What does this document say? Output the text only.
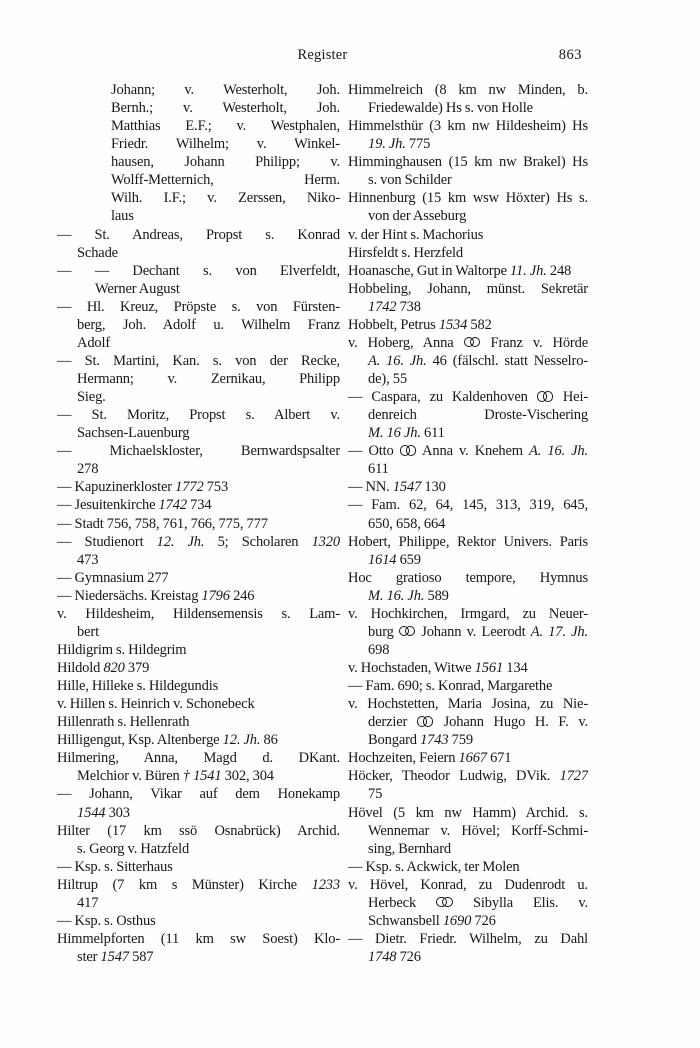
Register	863
Johann; v. Westerholt, Joh.
Bernh.; v. Westerholt, Joh.
Matthias E.F.; v. Westphalen,
Friedr. Wilhelm; v. Winkel-
hausen, Johann Philipp; v.
Wolff-Metternich, Herm.
Wilh. I.F.; v. Zerssen, Niko-
laus
— St. Andreas, Propst s. Konrad
Schade
— — Dechant s. von Elverfeldt,
Werner August
— Hl. Kreuz, Pröpste s. von Fürsten-
berg, Joh. Adolf u. Wilhelm Franz
Adolf
— St. Martini, Kan. s. von der Recke,
Hermann; v. Zernikau, Philipp
Sieg.
— St. Moritz, Propst s. Albert v.
Sachsen-Lauenburg
— Michaelskloster, Bernwardspsalter
278
— Kapuzinerkloster 1772 753
— Jesuitenkirche 1742 734
— Stadt 756, 758, 761, 766, 775, 777
— Studienort 12. Jh. 5; Scholaren 1320
473
— Gymnasium 277
— Niedersächs. Kreistag 1796 246
v. Hildesheim, Hildensemensis s. Lam-
bert
Hildigrim s. Hildegrim
Hildold 820 379
Hille, Hilleke s. Hildegundis
v. Hillen s. Heinrich v. Schonebeck
Hillenrath s. Hellenrath
Hilligengut, Ksp. Altenberge 12. Jh. 86
Hilmering, Anna, Magd d. DKant.
Melchior v. Büren † 1541 302, 304
— Johann, Vikar auf dem Honekamp
1544 303
Hilter (17 km ssö Osnabrück) Archid.
s. Georg v. Hatzfeld
— Ksp. s. Sitterhaus
Hiltrup (7 km s Münster) Kirche 1233
417
— Ksp. s. Osthus
Himmelpforten (11 km sw Soest) Klo-
ster 1547 587
Himmelreich (8 km nw Minden, b.
Friedewalde) Hs s. von Holle
Himmelsthür (3 km nw Hildesheim) Hs
19. Jh. 775
Himminghausen (15 km nw Brakel) Hs
s. von Schilder
Hinnenburg (15 km wsw Höxter) Hs s.
von der Asseburg
v. der Hint s. Machorius
Hirsfeldt s. Herzfeld
Hoanasche, Gut in Waltorpe 11. Jh. 248
Hobbeling, Johann, münst. Sekretär
1742 738
Hobbelt, Petrus 1534 582
v. Hoberg, Anna
Franz v. Hörde
A. 16. Jh. 46 (fälschl. statt Nesselro-
de), 55
— Caspara, zu Kaldenhoven
Hei-
denreich Droste-Vischering
M. 16 Jh. 611
— Otto
Anna v. Knehem A. 16. Jh.
611
— NN. 1547 130
— Fam. 62, 64, 145, 313, 319, 645,
650, 658, 664
Hobert, Philippe, Rektor Univers. Paris
1614 659
Hoc gratioso tempore, Hymnus
M. 16. Jh. 589
v. Hochkirchen, Irmgard, zu Neuer-
burg
Johann v. Leerodt A. 17. Jh.
698
v. Hochstaden, Witwe 1561 134
— Fam. 690; s. Konrad, Margarethe
v. Hochstetten, Maria Josina, zu Nie-
derzier
Johann Hugo H. F. v.
Bongard 1743 759
Hochzeiten, Feiern 1667 671
Höcker, Theodor Ludwig, DVik. 1727
75
Hövel (5 km nw Hamm) Archid. s.
Wennemar v. Hövel; Korff-Schmi-
sing, Bernhard
— Ksp. s. Ackwick, ter Molen
v. Hövel, Konrad, zu Dudenrodt u.
Herbeck
Sibylla Elis. v.
Schwansbell 1690 726
— Dietr. Friedr. Wilhelm, zu Dahl
1748 726
